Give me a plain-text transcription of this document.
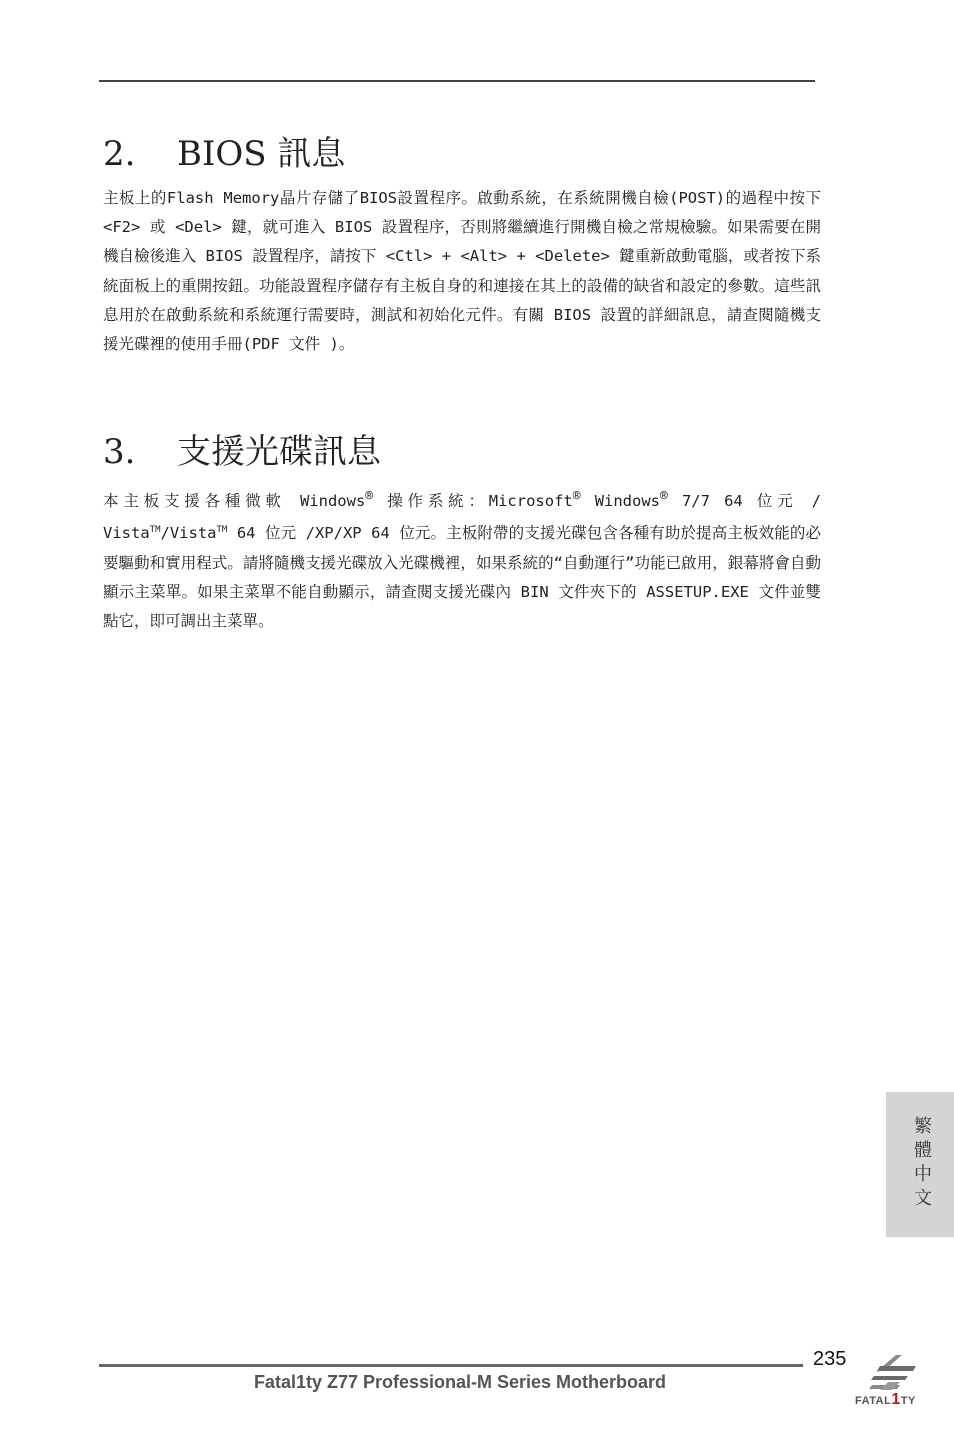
2. BIOS 訊息

主板上的Flash Memory晶片存儲了BIOS設置程序。啟動系統，在系統開機自檢(POST)的過程中按下 <F2> 或 <Del> 鍵，就可進入 BIOS 設置程序，否則將繼續進行開機自檢之常規檢驗。如果需要在開機自檢後進入 BIOS 設置程序，請按下 <Ctl> + <Alt> + <Delete> 鍵重新啟動電腦，或者按下系統面板上的重開按鈕。功能設置程序儲存有主板自身的和連接在其上的設備的缺省和設定的參數。這些訊息用於在啟動系統和系統運行需要時，測試和初始化元件。有關 BIOS 設置的詳細訊息，請查閱隨機支援光碟裡的使用手冊(PDF 文件 )。

3. 支援光碟訊息

本主板支援各種微軟 Windows® 操作系統：Microsoft® Windows® 7/7 64 位元 / Vista™/Vista™ 64 位元 /XP/XP 64 位元。主板附帶的支援光碟包含各種有助於提高主板效能的必要驅動和實用程式。請將隨機支援光碟放入光碟機裡，如果系統的“自動運行”功能已啟用，銀幕將會自動顯示主菜單。如果主菜單不能自動顯示，請查閱支援光碟內 BIN 文件夾下的 ASSETUP.EXE 文件並雙點它，即可調出主菜單。

繁體中文
235
Fatal1ty Z77 Professional-M Series Motherboard
FATAL1TY
